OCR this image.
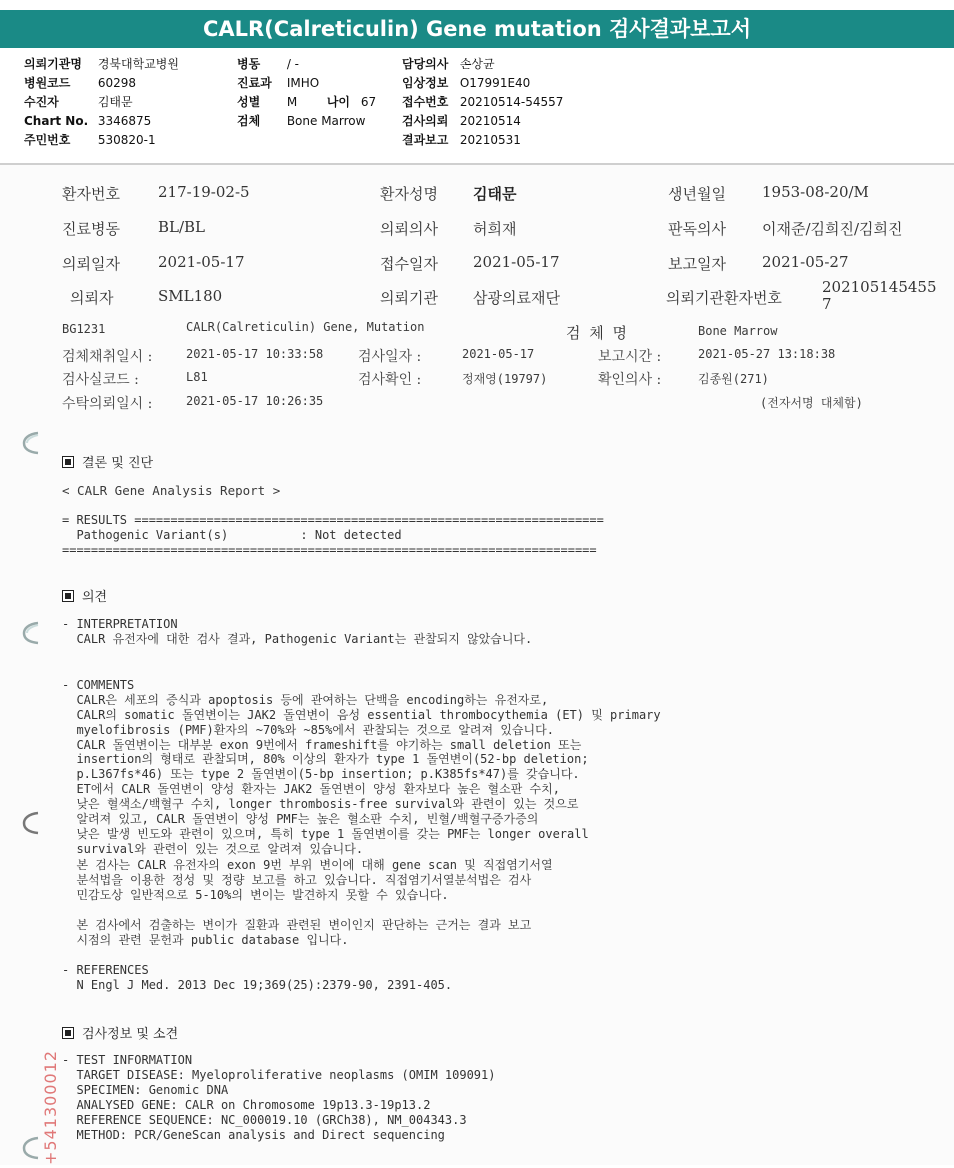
CALR(Calreticulin) Gene mutation 검사결과보고서
의뢰기관명 경북대학교병원
병원코드 60298
수진자	김태문
Chart No. 3346875
주민번호 530820-1
병동 / -
진료과 IMHO
성별 M 나이 67
검체 Bone Marrow
담당의사 손상균
임상정보 O17991E40
접수번호 20210514-54557
검사의뢰 20210514
결과보고 20210531
환자번호	217-19-02-5	환자성명 김태문	생년월일 1953-08-20/M
진료병동	BL/BL	의뢰의사 허희재	판독의사 이재준/김희진/김희진
의뢰일자	2021-05-17	접수일자 2021-05-17	보고일자 2021-05-27
의뢰자	SML180	의뢰기관 삼광의료재단	의뢰기관환자번호
202105145455
7
BG1231	CALR(Calreticulin) Gene, Mutation	검 체 명	Bone Marrow
검체채취일시 :	2021-05-17 10:33:58 검사일자 :	2021-05-17	보고시간 :	2021-05-27 13:18:38
검사실코드 :	L81	검사확인 :	정재영(19797)	확인의사 :	김종원(271)
수탁의뢰일시 :	2021-05-17 10:26:35	(전자서명 대체함)
결론 및 진단
< CALR Gene Analysis Report >
= RESULTS =================================================================
Pathogenic Variant(s)          : Not detected
==========================================================================
의견
- INTERPRETATION
CALR 유전자에 대한 검사 결과, Pathogenic Variant는 관찰되지 않았습니다.

- COMMENTS
CALR은 세포의 증식과 apoptosis 등에 관여하는 단백을 encoding하는 유전자로,
CALR의 somatic 돌연변이는 JAK2 돌연변이 음성 essential thrombocythemia (ET) 및 primary
myelofibrosis (PMF)환자의 ~70%와 ~85%에서 관찰되는 것으로 알려져 있습니다.
CALR 돌연변이는 대부분 exon 9번에서 frameshift를 야기하는 small deletion 또는
insertion의 형태로 관찰되며, 80% 이상의 환자가 type 1 돌연변이(52-bp deletion;
p.L367fs*46) 또는 type 2 돌연변이(5-bp insertion; p.K385fs*47)를 갖습니다.
ET에서 CALR 돌연변이 양성 환자는 JAK2 돌연변이 양성 환자보다 높은 혈소판 수치,
낮은 혈색소/백혈구 수치, longer thrombosis-free survival와 관련이 있는 것으로
알려져 있고, CALR 돌연변이 양성 PMF는 높은 혈소판 수치, 빈혈/백혈구증가증의
낮은 발생 빈도와 관련이 있으며, 특히 type 1 돌연변이를 갖는 PMF는 longer overall
survival와 관련이 있는 것으로 알려져 있습니다.
본 검사는 CALR 유전자의 exon 9번 부위 변이에 대해 gene scan 및 직접염기서열
분석법을 이용한 정성 및 정량 보고를 하고 있습니다. 직접염기서열분석법은 검사
민감도상 일반적으로 5-10%의 변이는 발견하지 못할 수 있습니다.
본 검사에서 검출하는 변이가 질환과 관련된 변이인지 판단하는 근거는 결과 보고
시점의 관련 문헌과 public database 입니다.
- REFERENCES
N Engl J Med. 2013 Dec 19;369(25):2379-90, 2391-405.
검사정보 및 소견
- TEST INFORMATION
TARGET DISEASE: Myeloproliferative neoplasms (OMIM 109091)
SPECIMEN: Genomic DNA
ANALYSED GENE: CALR on Chromosome 19p13.3-19p13.2
REFERENCE SEQUENCE: NC_000019.10 (GRCh38), NM_004343.3
METHOD: PCR/GeneScan analysis and Direct sequencing
+541300012
